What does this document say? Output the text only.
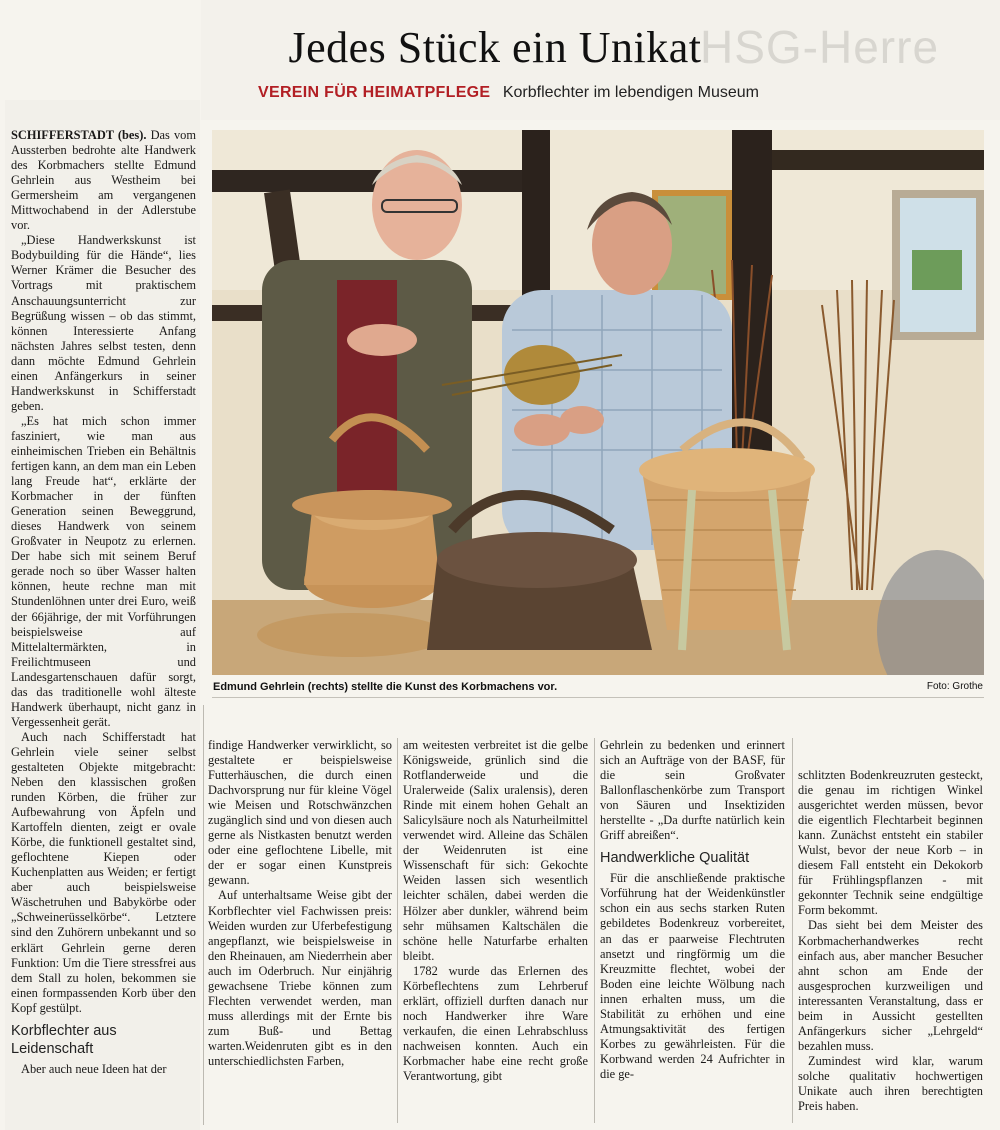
HSG-Herre
Jedes Stück ein Unikat
VEREIN FÜR HEIMATPFLEGE Korbflechter im lebendigen Museum
Edmund Gehrlein (rechts) stellte die Kunst des Korbmachens vor.	Foto: Grothe

SCHIFFERSTADT (bes). Das vom Aussterben bedrohte alte Handwerk des Korbmachers stellte Edmund Gehrlein aus Westheim bei Germersheim am vergangenen Mittwochabend in der Adlerstube vor.

„Diese Handwerkskunst ist Bodybuilding für die Hände“, lies Werner Krämer die Besucher des Vortrags mit praktischem Anschauungsunterricht zur Begrüßung wissen – ob das stimmt, können Interessierte Anfang nächsten Jahres selbst testen, denn dann möchte Edmund Gehrlein einen Anfängerkurs in seiner Handwerkskunst in Schifferstadt geben.

„Es hat mich schon immer fasziniert, wie man aus einheimischen Trieben ein Behältnis fertigen kann, an dem man ein Leben lang Freude hat“, erklärte der Korbmacher in der fünften Generation seinen Beweggrund, dieses Handwerk von seinem Großvater in Neupotz zu erlernen. Der habe sich mit seinem Beruf gerade noch so über Wasser halten können, heute rechne man mit Stundenlöhnen unter drei Euro, weiß der 66jährige, der mit Vorführungen beispielsweise auf Mittelaltermärkten, in Freilichtmuseen und Landesgartenschauen dafür sorgt, das das traditionelle wohl älteste Handwerk überhaupt, nicht ganz in Vergessenheit gerät.

Auch nach Schifferstadt hat Gehrlein viele seiner selbst gestalteten Objekte mitgebracht: Neben den klassischen großen runden Körben, die früher zur Aufbewahrung von Äpfeln und Kartoffeln dienten, zeigt er ovale Körbe, die funktionell gestaltet sind, geflochtene Kiepen oder Kuchenplatten aus Weiden; er fertigt aber auch beispielsweise Wäschetruhen und Babykörbe oder „Schweinerüsselkörbe“. Letztere sind den Zuhörern unbekannt und so erklärt Gehrlein gerne deren Funktion: Um die Tiere stressfrei aus dem Stall zu holen, bekommen sie einen formpassenden Korb über den Kopf gestülpt.

Korbflechter aus Leidenschaft

Aber auch neue Ideen hat der

findige Handwerker verwirklicht, so gestaltete er beispielsweise Futterhäuschen, die durch einen Dachvorsprung nur für kleine Vögel wie Meisen und Rotschwänzchen zugänglich sind und von diesen auch gerne als Nistkasten benutzt werden oder eine geflochtene Libelle, mit der er sogar einen Kunstpreis gewann.

Auf unterhaltsame Weise gibt der Korbflechter viel Fachwissen preis: Weiden wurden zur Uferbefestigung angepflanzt, wie beispielsweise in den Rheinauen, am Niederrhein aber auch im Oderbruch. Nur einjährig gewachsene Triebe können zum Flechten verwendet werden, man muss allerdings mit der Ernte bis zum Buß- und Bettag warten.Weidenruten gibt es in den unterschiedlichsten Farben,

am weitesten verbreitet ist die gelbe Königsweide, grünlich sind die Rotflanderweide und die Uralerweide (Salix uralensis), deren Rinde mit einem hohen Gehalt an Salicylsäure noch als Naturheilmittel verwendet wird. Alleine das Schälen der Weidenruten ist eine Wissenschaft für sich: Gekochte Weiden lassen sich wesentlich leichter schälen, dabei werden die Hölzer aber dunkler, während beim sehr mühsamen Kaltschälen die schöne helle Naturfarbe erhalten bleibt.

1782 wurde das Erlernen des Körbeflechtens zum Lehrberuf erklärt, offiziell durften danach nur noch Handwerker ihre Ware verkaufen, die einen Lehrabschluss nachweisen konnten. Auch ein Korbmacher habe eine recht große Verantwortung, gibt

Gehrlein zu bedenken und erinnert sich an Aufträge von der BASF, für die sein Großvater Ballonflaschenkörbe zum Transport von Säuren und Insektiziden herstellte - „Da durfte natürlich kein Griff abreißen“.

Handwerkliche Qualität

Für die anschließende praktische Vorführung hat der Weidenkünstler schon ein aus sechs starken Ruten gebildetes Bodenkreuz vorbereitet, an das er paarweise Flechtruten ansetzt und ringförmig um die Kreuzmitte flechtet, wobei der Boden eine leichte Wölbung nach innen erhalten muss, um die Stabilität zu erhöhen und eine Atmungsaktivität des fertigen Korbes zu gewährleisten. Für die Korbwand werden 24 Aufrichter in die ge-

schlitzten Bodenkreuzruten gesteckt, die genau im richtigen Winkel ausgerichtet werden müssen, bevor die eigentlich Flechtarbeit beginnen kann. Zunächst entsteht ein stabiler Wulst, bevor der neue Korb – in diesem Fall entsteht ein Dekokorb für Frühlingspflanzen - mit gekonnter Technik seine endgültige Form bekommt.

Das sieht bei dem Meister des Korbmacherhandwerkes recht einfach aus, aber mancher Besucher ahnt schon am Ende der ausgesprochen kurzweiligen und interessanten Veranstaltung, dass er beim in Aussicht gestellten Anfängerkurs sicher „Lehrgeld“ bezahlen muss.

Zumindest wird klar, warum solche qualitativ hochwertigen Unikate auch ihren berechtigten Preis haben.
